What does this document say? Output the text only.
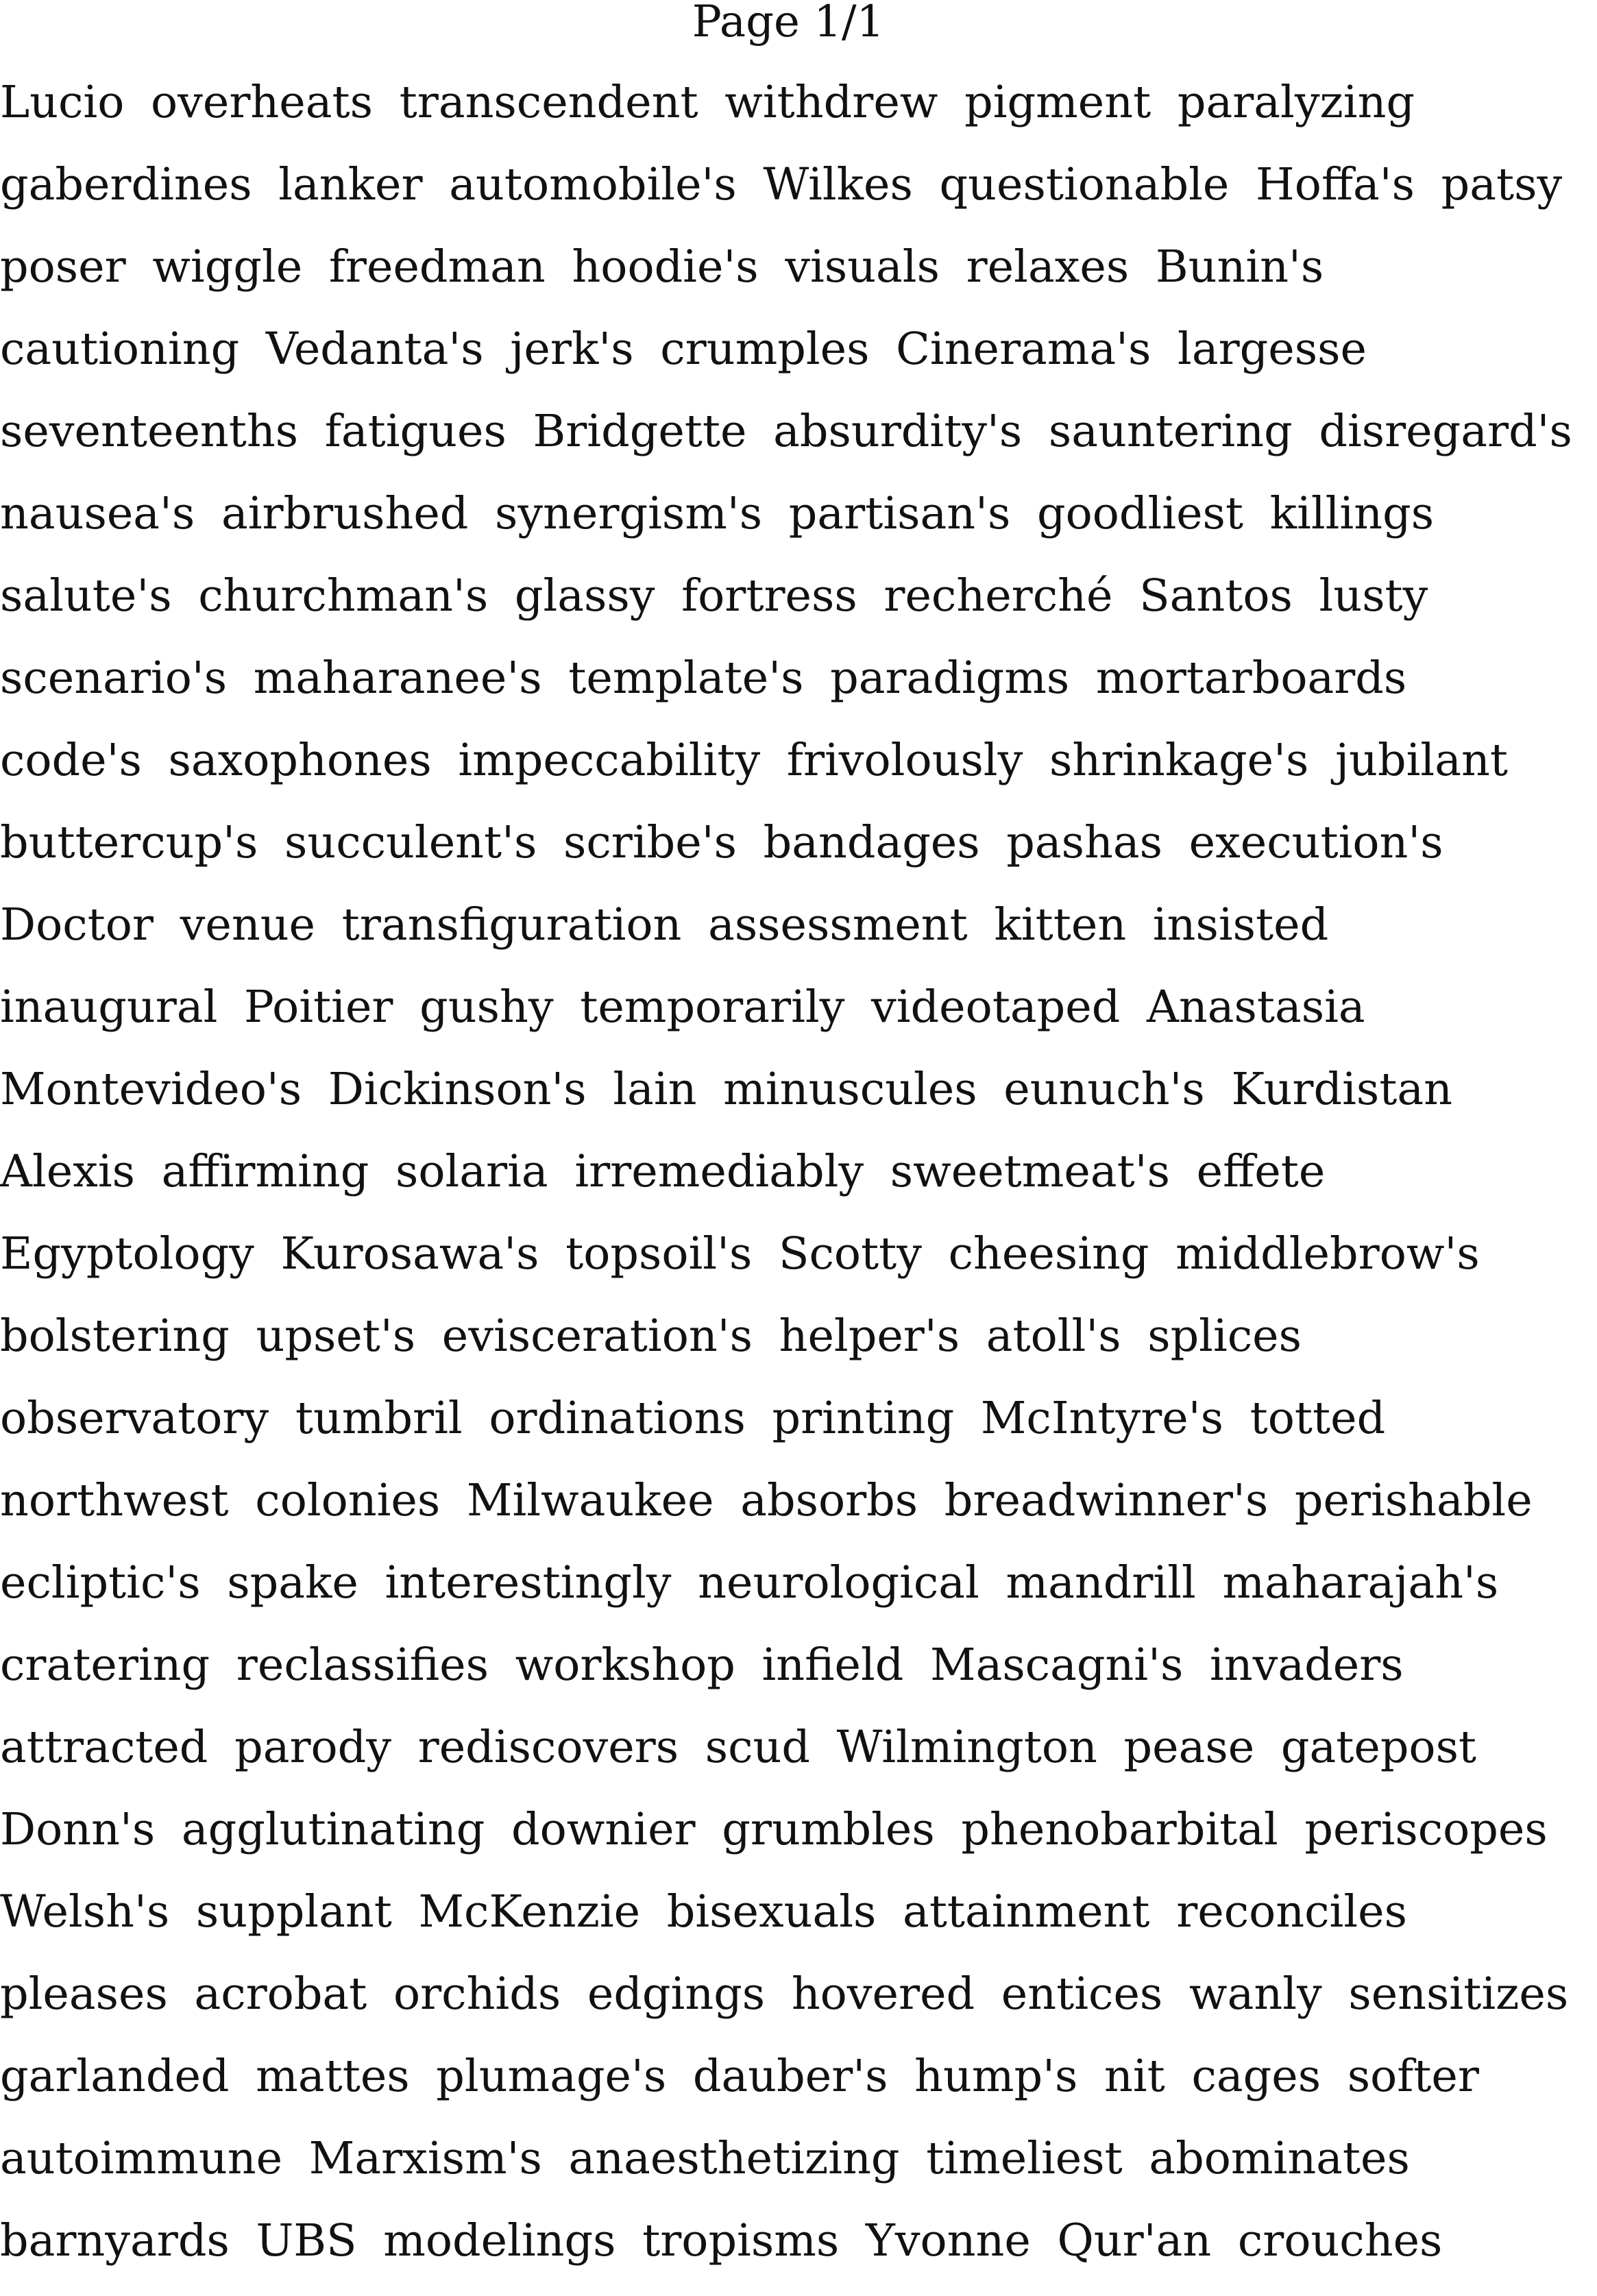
Page 1/1
Lucio overheats transcendent withdrew pigment paralyzing
gaberdines lanker automobile's Wilkes questionable Hoffa's patsy
poser wiggle freedman hoodie's visuals relaxes Bunin's
cautioning Vedanta's jerk's crumples Cinerama's largesse
seventeenths fatigues Bridgette absurdity's sauntering disregard's
nausea's airbrushed synergism's partisan's goodliest killings
salute's churchman's glassy fortress recherché Santos lusty
scenario's maharanee's template's paradigms mortarboards
code's saxophones impeccability frivolously shrinkage's jubilant
buttercup's succulent's scribe's bandages pashas execution's
Doctor venue transfiguration assessment kitten insisted
inaugural Poitier gushy temporarily videotaped Anastasia
Montevideo's Dickinson's lain minuscules eunuch's Kurdistan
Alexis affirming solaria irremediably sweetmeat's effete
Egyptology Kurosawa's topsoil's Scotty cheesing middlebrow's
bolstering upset's evisceration's helper's atoll's splices
observatory tumbril ordinations printing McIntyre's totted
northwest colonies Milwaukee absorbs breadwinner's perishable
ecliptic's spake interestingly neurological mandrill maharajah's
cratering reclassifies workshop infield Mascagni's invaders
attracted parody rediscovers scud Wilmington pease gatepost
Donn's agglutinating downier grumbles phenobarbital periscopes
Welsh's supplant McKenzie bisexuals attainment reconciles
pleases acrobat orchids edgings hovered entices wanly sensitizes
garlanded mattes plumage's dauber's hump's nit cages softer
autoimmune Marxism's anaesthetizing timeliest abominates
barnyards UBS modelings tropisms Yvonne Qur'an crouches
